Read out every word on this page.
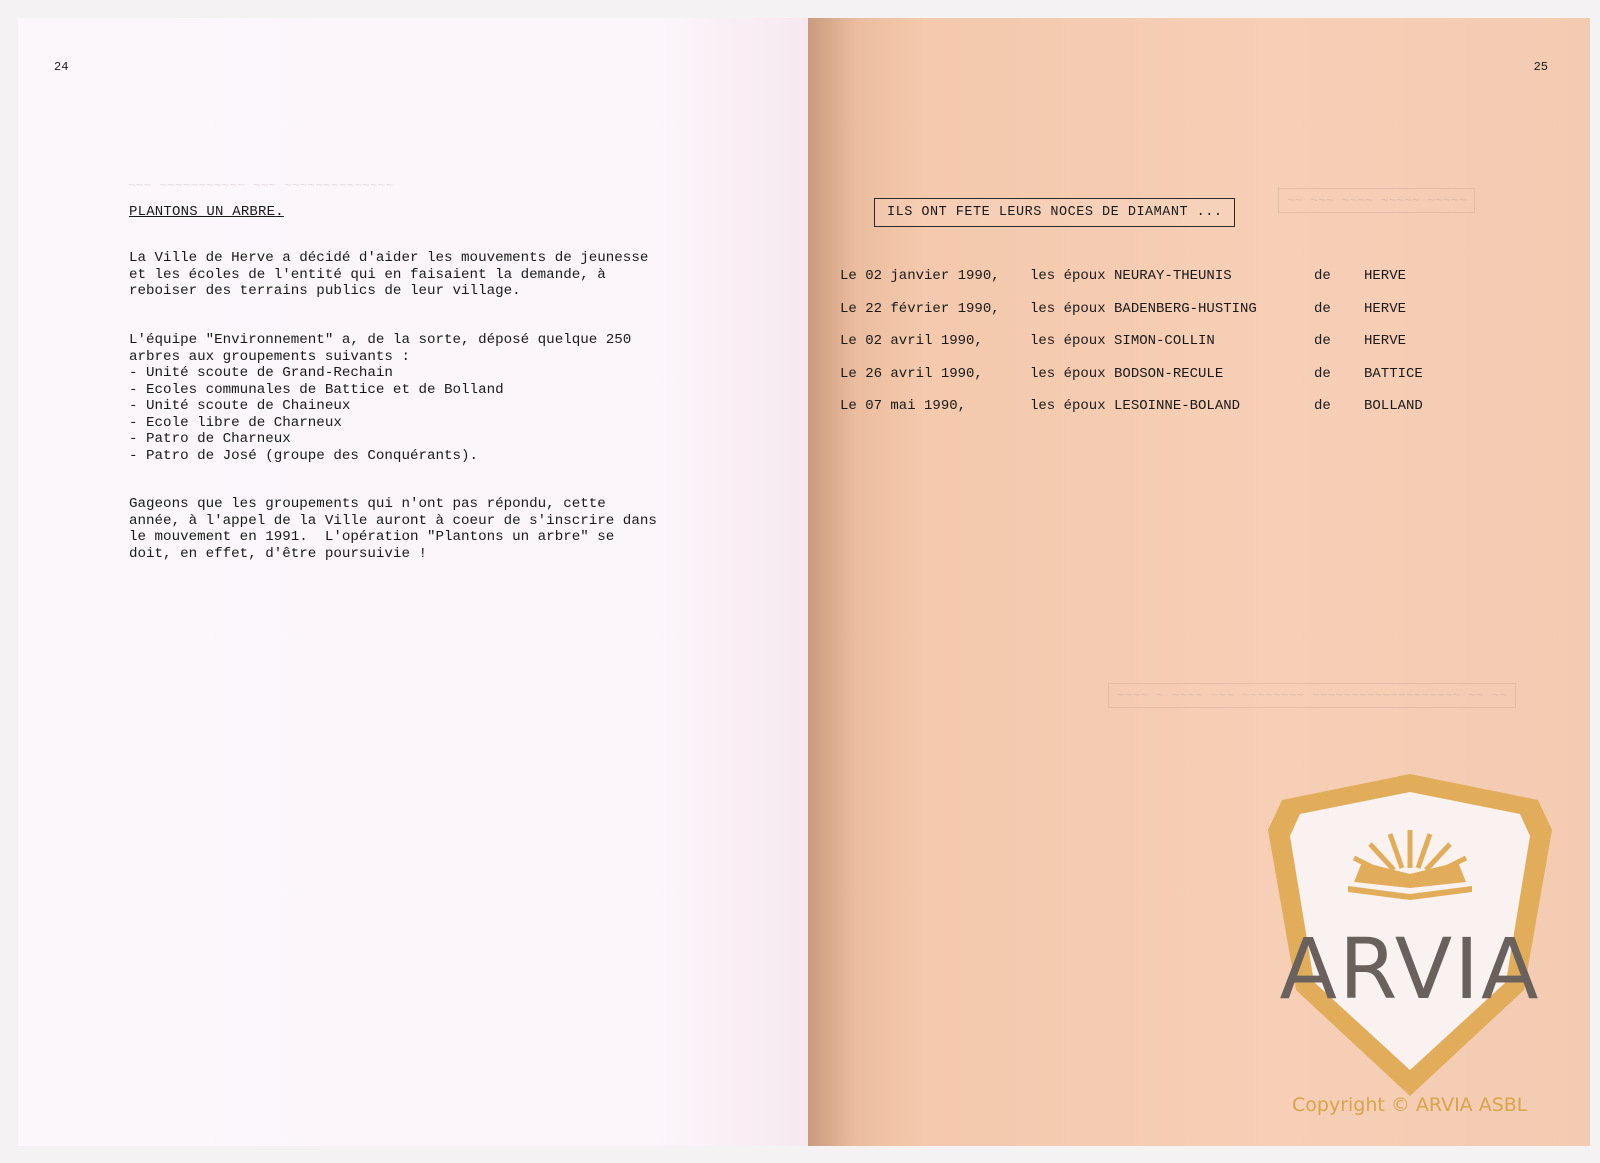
~~~ ~~~~~~~~~~~ ~~~ ~~~~~~~~~~~~~~
24
PLANTONS UN ARBRE.
La Ville de Herve a décidé d'aider les mouvements de jeunesse
et les écoles de l'entité qui en faisaient la demande, à
reboiser des terrains publics de leur village.
L'équipe "Environnement" a, de la sorte, déposé quelque 250
arbres aux groupements suivants :
- Unité scoute de Grand-Rechain
- Ecoles communales de Battice et de Bolland
- Unité scoute de Chaineux
- Ecole libre de Charneux
- Patro de Charneux
- Patro de José (groupe des Conquérants).
Gageons que les groupements qui n'ont pas répondu, cette
année, à l'appel de la Ville auront à coeur de s'inscrire dans
le mouvement en 1991.  L'opération "Plantons un arbre" se
doit, en effet, d'être poursuivie !
25
ILS ONT FETE LEURS NOCES DE DIAMANT ...
Le 02 janvier 1990, les époux NEURAY-THEUNIS	de HERVE
Le 22 février 1990, les époux BADENBERG-HUSTING	de HERVE
Le 02 avril 1990,	les époux SIMON-COLLIN	de HERVE
Le 26 avril 1990,	les époux BODSON-RECULE	de BATTICE
Le 07 mai 1990,	les époux LESOINNE-BOLAND	de BOLLAND
~~ ~~~ ~~~~ ~~~~~ ~~~~~
~~~~ ~ ~~~~ ~~~ ~~~~~~~~ ~~~~~~~~~~~~~~~~~~~ ~~ ~~
ARVIA
Copyright © ARVIA ASBL
